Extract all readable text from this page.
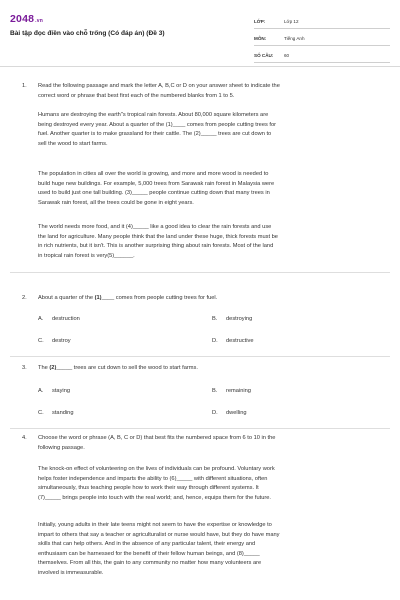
2048.vn
Bài tập đọc điền vào chỗ trống (Có đáp án) (Đề 3)
LỚP:	Lớp 12
MÔN:	Tiếng Anh
SỐ CÂU:	60
1. Read the following passage and mark the letter A, B,C or D on your answer sheet to indicate the
correct word or phrase that best first each of the numbered blanks from 1 to 5.
Humans are destroying the earth"s tropical rain forests. About 80,000 square kilometers are
being destroyed every year. About a quarter of the (1)____ comes from people cutting trees for
fuel. Another quarter is to make grassland for their cattle. The (2)_____ trees are cut down to
sell the wood to start farms.
The population in cities all over the world is growing, and more and more wood is needed to
build huge new buildings. For example, 5,000 trees from Sarawak rain forest in Malaysia were
used to build just one tall building. (3)_____ people continue cutting down that many trees in
Sarawak rain forest, all the trees could be gone in eight years.
The world needs more food, and it (4)_____ like a good idea to clear the rain forests and use
the land for agriculture. Many people think that the land under these huge, thick forests must be
in rich nutrients, but it isn't. This is another surprising thing about rain forests. Most of the land
in tropical rain forest is very(5)______.
2. About a quarter of the (1)____ comes from people cutting trees for fuel.
A. destruction	B. destroying
C. destroy	D. destructive
3. The (2)_____ trees are cut down to sell the wood to start farms.
A. staying	B. remaining
C. standing	D. dwelling
4. Choose the word or phrase (A, B, C or D) that best fits the numbered space from 6 to 10 in the
following passage.
The knock-on effect of volunteering on the lives of individuals can be profound. Voluntary work
helps foster independence and imparts the ability to (6)_____ with different situations, often
simultaneously, thus teaching people how to work their way through different systems. It
(7)_____ brings people into touch with the real world; and, hence, equips them for the future.
Initially, young adults in their late teens might not seem to have the expertise or knowledge to
impart to others that say a teacher or agriculturalist or nurse would have, but they do have many
skills that can help others. And in the absence of any particular talent, their energy and
enthusiasm can be harnessed for the benefit of their fellow human beings, and (8)_____
themselves. From all this, the gain to any community no matter how many volunteers are
involved is immeasurable.
